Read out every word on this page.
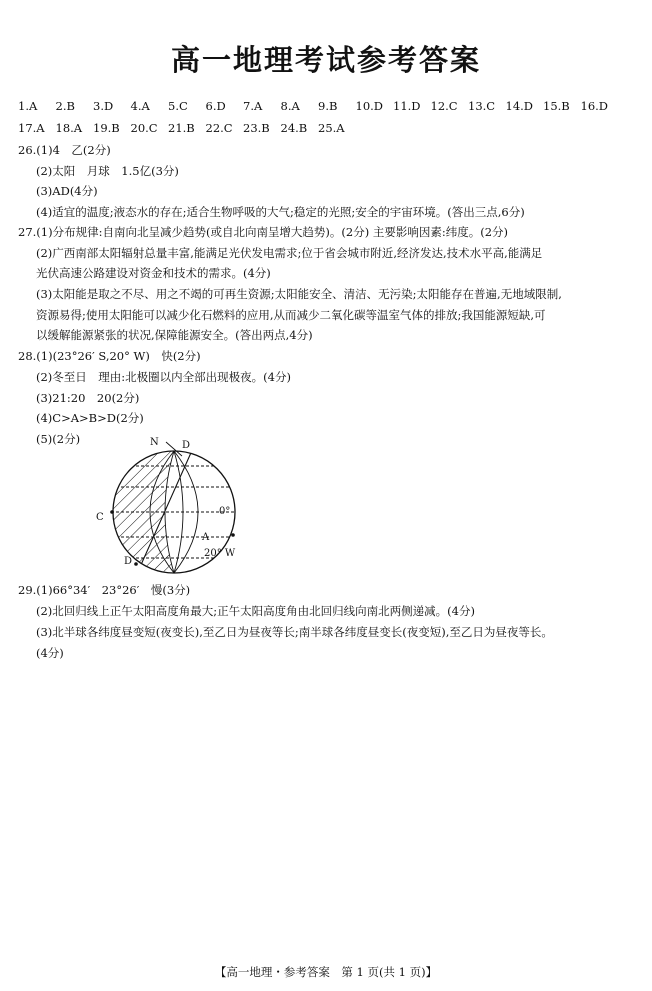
高一地理考试参考答案
1.A 2.B 3.D 4.A 5.C 6.D 7.A 8.A 9.B 10.D 11.D 12.C 13.C 14.D 15.B 16.D
17.A 18.A 19.B 20.C 21.B 22.C 23.B 24.B 25.A
26.(1)4　乙(2分)
(2)太阳　月球　1.5亿(3分)
(3)AD(4分)
(4)适宜的温度;液态水的存在;适合生物呼吸的大气;稳定的光照;安全的宇宙环境。(答出三点,6分)
27.(1)分布规律:自南向北呈减少趋势(或自北向南呈增大趋势)。(2分) 主要影响因素:纬度。(2分)
(2)广西南部太阳辐射总量丰富,能满足光伏发电需求;位于省会城市附近,经济发达,技术水平高,能满足
光伏高速公路建设对资金和技术的需求。(4分)
(3)太阳能是取之不尽、用之不竭的可再生资源;太阳能安全、清洁、无污染;太阳能存在普遍,无地域限制,
资源易得;使用太阳能可以减少化石燃料的应用,从而减少二氧化碳等温室气体的排放;我国能源短缺,可
以缓解能源紧张的状况,保障能源安全。(答出两点,4分)
28.(1)(23°26′ S,20° W)　快(2分)
(2)冬至日　理由:北极圈以内全部出现极夜。(4分)
(3)21:20　20(2分)
(4)C>A>B>D(2分)
(5)(2分)	N D
C
0°
A
20° W
D
29.(1)66°34′　23°26′　慢(3分)
(2)北回归线上正午太阳高度角最大;正午太阳高度角由北回归线向南北两侧递减。(4分)
(3)北半球各纬度昼变短(夜变长),至乙日为昼夜等长;南半球各纬度昼变长(夜变短),至乙日为昼夜等长。
(4分)
【高一地理・参考答案　第 1 页(共 1 页)】
